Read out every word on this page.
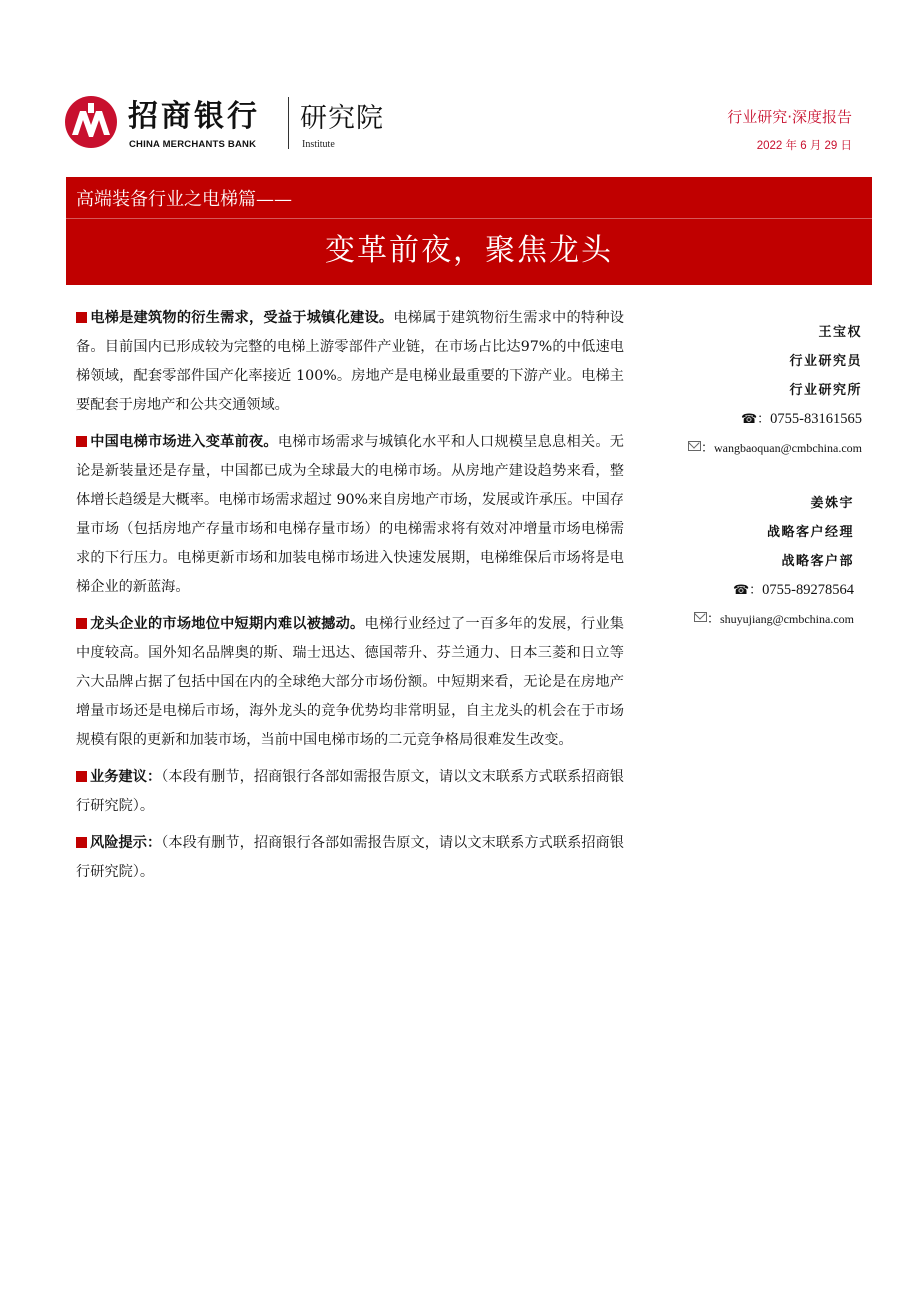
招商银行
CHINA MERCHANTS BANK
研究院
Institute
行业研究·深度报告
2022 年 6 月 29 日
高端装备行业之电梯篇——
变革前夜，聚焦龙头

电梯是建筑物的衍生需求，受益于城镇化建设。电梯属于建筑物衍生需求中的特种设备。目前国内已形成较为完整的电梯上游零部件产业链，在市场占比达97%的中低速电梯领域，配套零部件国产化率接近 100%。房地产是电梯业最重要的下游产业。电梯主要配套于房地产和公共交通领域。

中国电梯市场进入变革前夜。电梯市场需求与城镇化水平和人口规模呈息息相关。无论是新装量还是存量，中国都已成为全球最大的电梯市场。从房地产建设趋势来看，整体增长趋缓是大概率。电梯市场需求超过 90%来自房地产市场，发展或许承压。中国存量市场（包括房地产存量市场和电梯存量市场）的电梯需求将有效对冲增量市场电梯需求的下行压力。电梯更新市场和加装电梯市场进入快速发展期，电梯维保后市场将是电梯企业的新蓝海。

龙头企业的市场地位中短期内难以被撼动。电梯行业经过了一百多年的发展，行业集中度较高。国外知名品牌奥的斯、瑞士迅达、德国蒂升、芬兰通力、日本三菱和日立等六大品牌占据了包括中国在内的全球绝大部分市场份额。中短期来看，无论是在房地产增量市场还是电梯后市场，海外龙头的竞争优势均非常明显，自主龙头的机会在于市场规模有限的更新和加装市场，当前中国电梯市场的二元竞争格局很难发生改变。

业务建议：（本段有删节，招商银行各部如需报告原文，请以文末联系方式联系招商银行研究院）。

风险提示：（本段有删节，招商银行各部如需报告原文，请以文末联系方式联系招商银行研究院）。

王宝权
行业研究员
行业研究所
☎：0755-83161565
：wangbaoquan@cmbchina.com
姜姝宇
战略客户经理
战略客户部
☎：0755-89278564
：shuyujiang@cmbchina.com
